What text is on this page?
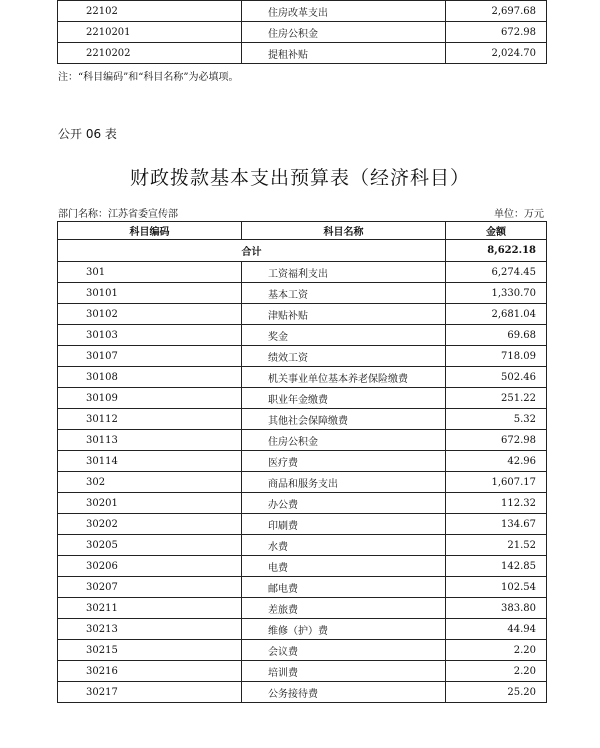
22102	住房改革支出	2,697.68
2210201	住房公积金	672.98
2210202	提租补贴	2,024.70
注：“科目编码”和“科目名称”为必填项。
公开 06 表
财政拨款基本支出预算表（经济科目）
部门名称：江苏省委宣传部	单位：万元
科目编码	科目名称	金额
合计		8,622.18
301	工资福利支出	6,274.45
30101	基本工资	1,330.70
30102	津贴补贴	2,681.04
30103	奖金	69.68
30107	绩效工资	718.09
30108	机关事业单位基本养老保险缴费	502.46
30109	职业年金缴费	251.22
30112	其他社会保障缴费	5.32
30113	住房公积金	672.98
30114	医疗费	42.96
302	商品和服务支出	1,607.17
30201	办公费	112.32
30202	印刷费	134.67
30205	水费	21.52
30206	电费	142.85
30207	邮电费	102.54
30211	差旅费	383.80
30213	维修（护）费	44.94
30215	会议费	2.20
30216	培训费	2.20
30217	公务接待费	25.20
